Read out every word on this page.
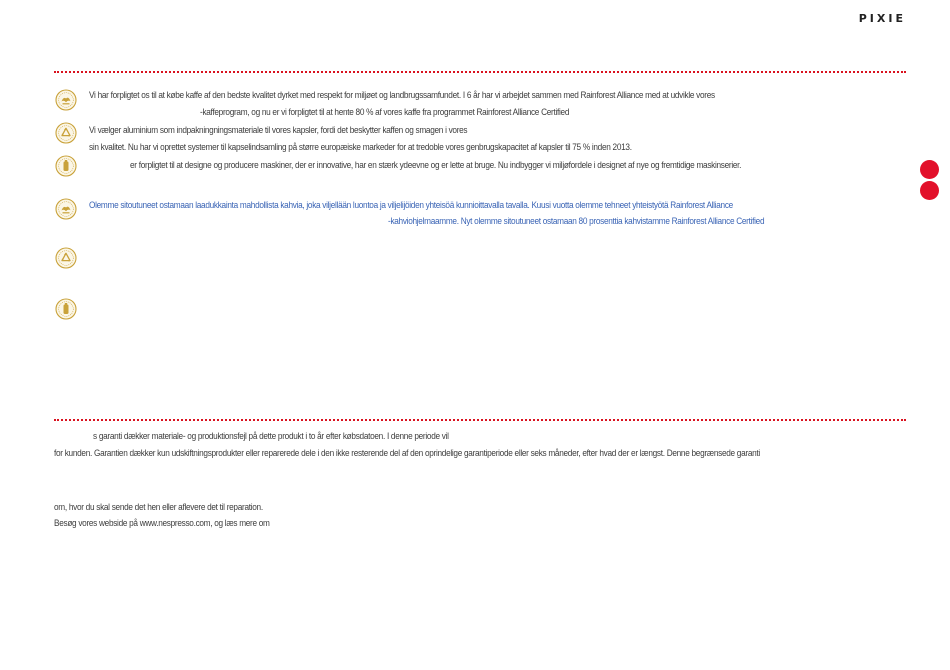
PIXIE
Vi har forpligtet os til at købe kaffe af den bedste kvalitet dyrket med respekt for miljøet og landbrugssamfundet. I 6 år har vi arbejdet sammen med Rainforest Alliance med at udvikle vores
-kaffeprogram, og nu er vi forpligtet til at hente 80 % af vores kaffe fra programmet Rainforest Alliance Certified
Vi vælger aluminium som indpakningningsmateriale til vores kapsler, fordi det beskytter kaffen og smagen i vores
sin kvalitet. Nu har vi oprettet systemer til kapselindsamling på større europæiske markeder for at tredoble vores genbrugskapacitet af kapsler til 75 % inden 2013.
er forpligtet til at designe og producere maskiner, der er innovative, har en stærk ydeevne og er lette at bruge. Nu indbygger vi miljøfordele i designet af nye og fremtidige maskinserier.
Olemme sitoutuneet ostamaan laadukkainta mahdollista kahvia, joka viljellään luontoa ja viljelijöiden yhteisöä kunnioittavalla tavalla. Kuusi vuotta olemme tehneet yhteistyötä Rainforest Alliance
-kahviohjelmaamme. Nyt olemme sitoutuneet ostamaan 80 prosenttia kahvistamme Rainforest Alliance Certified
s garanti dækker materiale- og produktionsfejl på dette produkt i to år efter købsdatoen. I denne periode vil
for kunden. Garantien dækker kun udskiftningsprodukter eller reparerede dele i den ikke resterende del af den oprindelige garantiperiode eller seks måneder, efter hvad der er længst. Denne begrænsede garanti
om, hvor du skal sende det hen eller aflevere det til reparation.
Besøg vores webside på www.nespresso.com, og læs mere om
